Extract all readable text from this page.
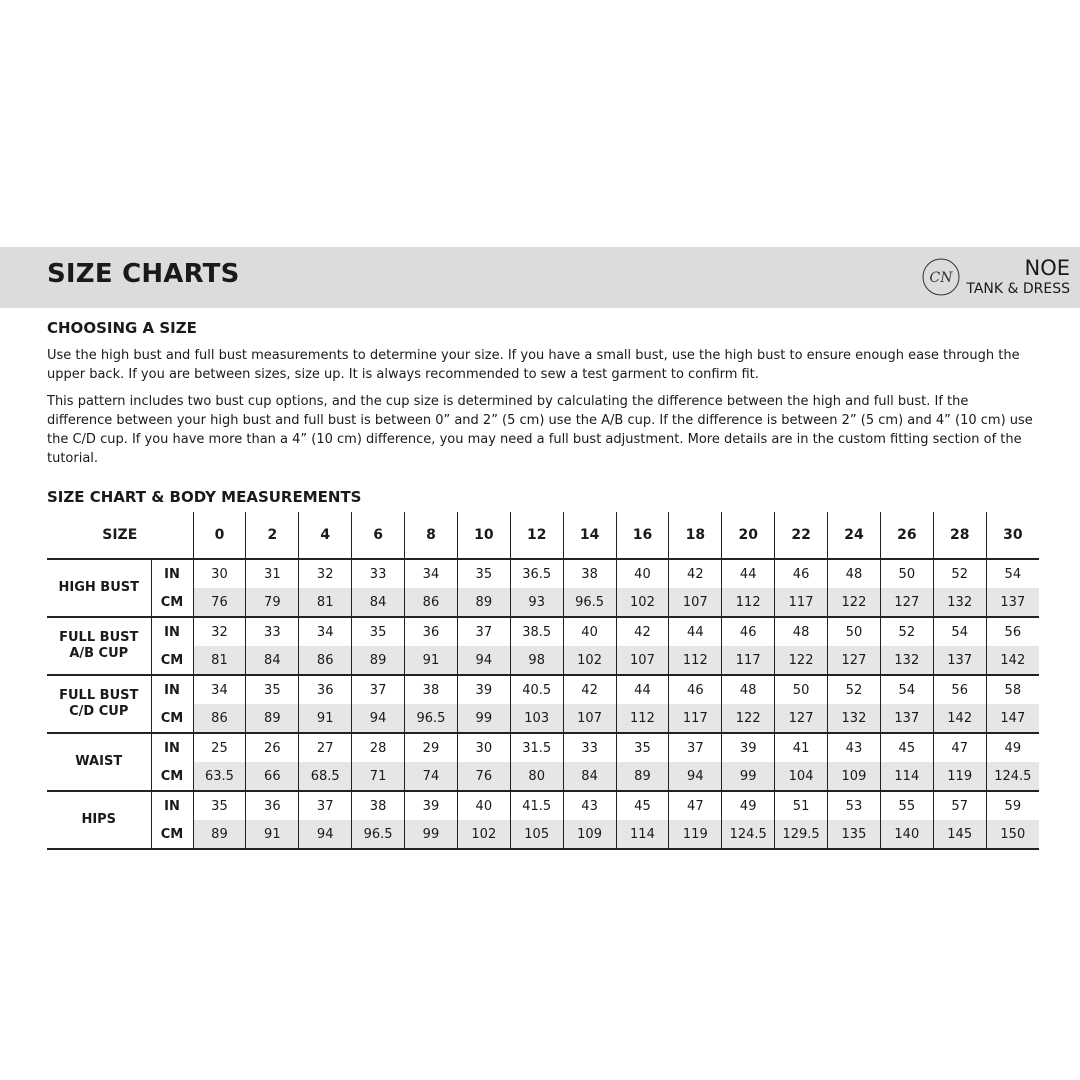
SIZE CHARTS	CN	NOE
TANK & DRESS
CHOOSING A SIZE

Use the high bust and full bust measurements to determine your size. If you have a small bust, use the high bust to ensure enough ease through the upper back. If you are between sizes, size up. It is always recommended to sew a test garment to confirm fit.

This pattern includes two bust cup options, and the cup size is determined by calculating the difference between the high and full bust. If the difference between your high bust and full bust is between 0” and 2” (5 cm) use the A/B cup. If the difference is between 2” (5 cm) and 4” (10 cm) use the C/D cup. If you have more than a 4” (10 cm) difference, you may need a full bust adjustment. More details are in the custom fitting section of the tutorial.

SIZE CHART & BODY MEASUREMENTS
SIZE		0	2	4	6	8	10	12	14	16	18	20	22	24	26	28	30

HIGH BUST	IN	30	31	32	33	34	35	36.5	38	40	42	44	46	48	50	52	54
	CM	76	79	81	84	86	89	93	96.5	102	107	112	117	122	127	132	137

FULL BUST
A/B CUP	IN	32	33	34	35	36	37	38.5	40	42	44	46	48	50	52	54	56
	CM	81	84	86	89	91	94	98	102	107	112	117	122	127	132	137	142

FULL BUST
C/D CUP	IN	34	35	36	37	38	39	40.5	42	44	46	48	50	52	54	56	58
	CM	86	89	91	94	96.5	99	103	107	112	117	122	127	132	137	142	147

WAIST	IN	25	26	27	28	29	30	31.5	33	35	37	39	41	43	45	47	49
	CM	63.5	66	68.5	71	74	76	80	84	89	94	99	104	109	114	119	124.5

HIPS	IN	35	36	37	38	39	40	41.5	43	45	47	49	51	53	55	57	59
	CM	89	91	94	96.5	99	102	105	109	114	119	124.5	129.5	135	140	145	150
